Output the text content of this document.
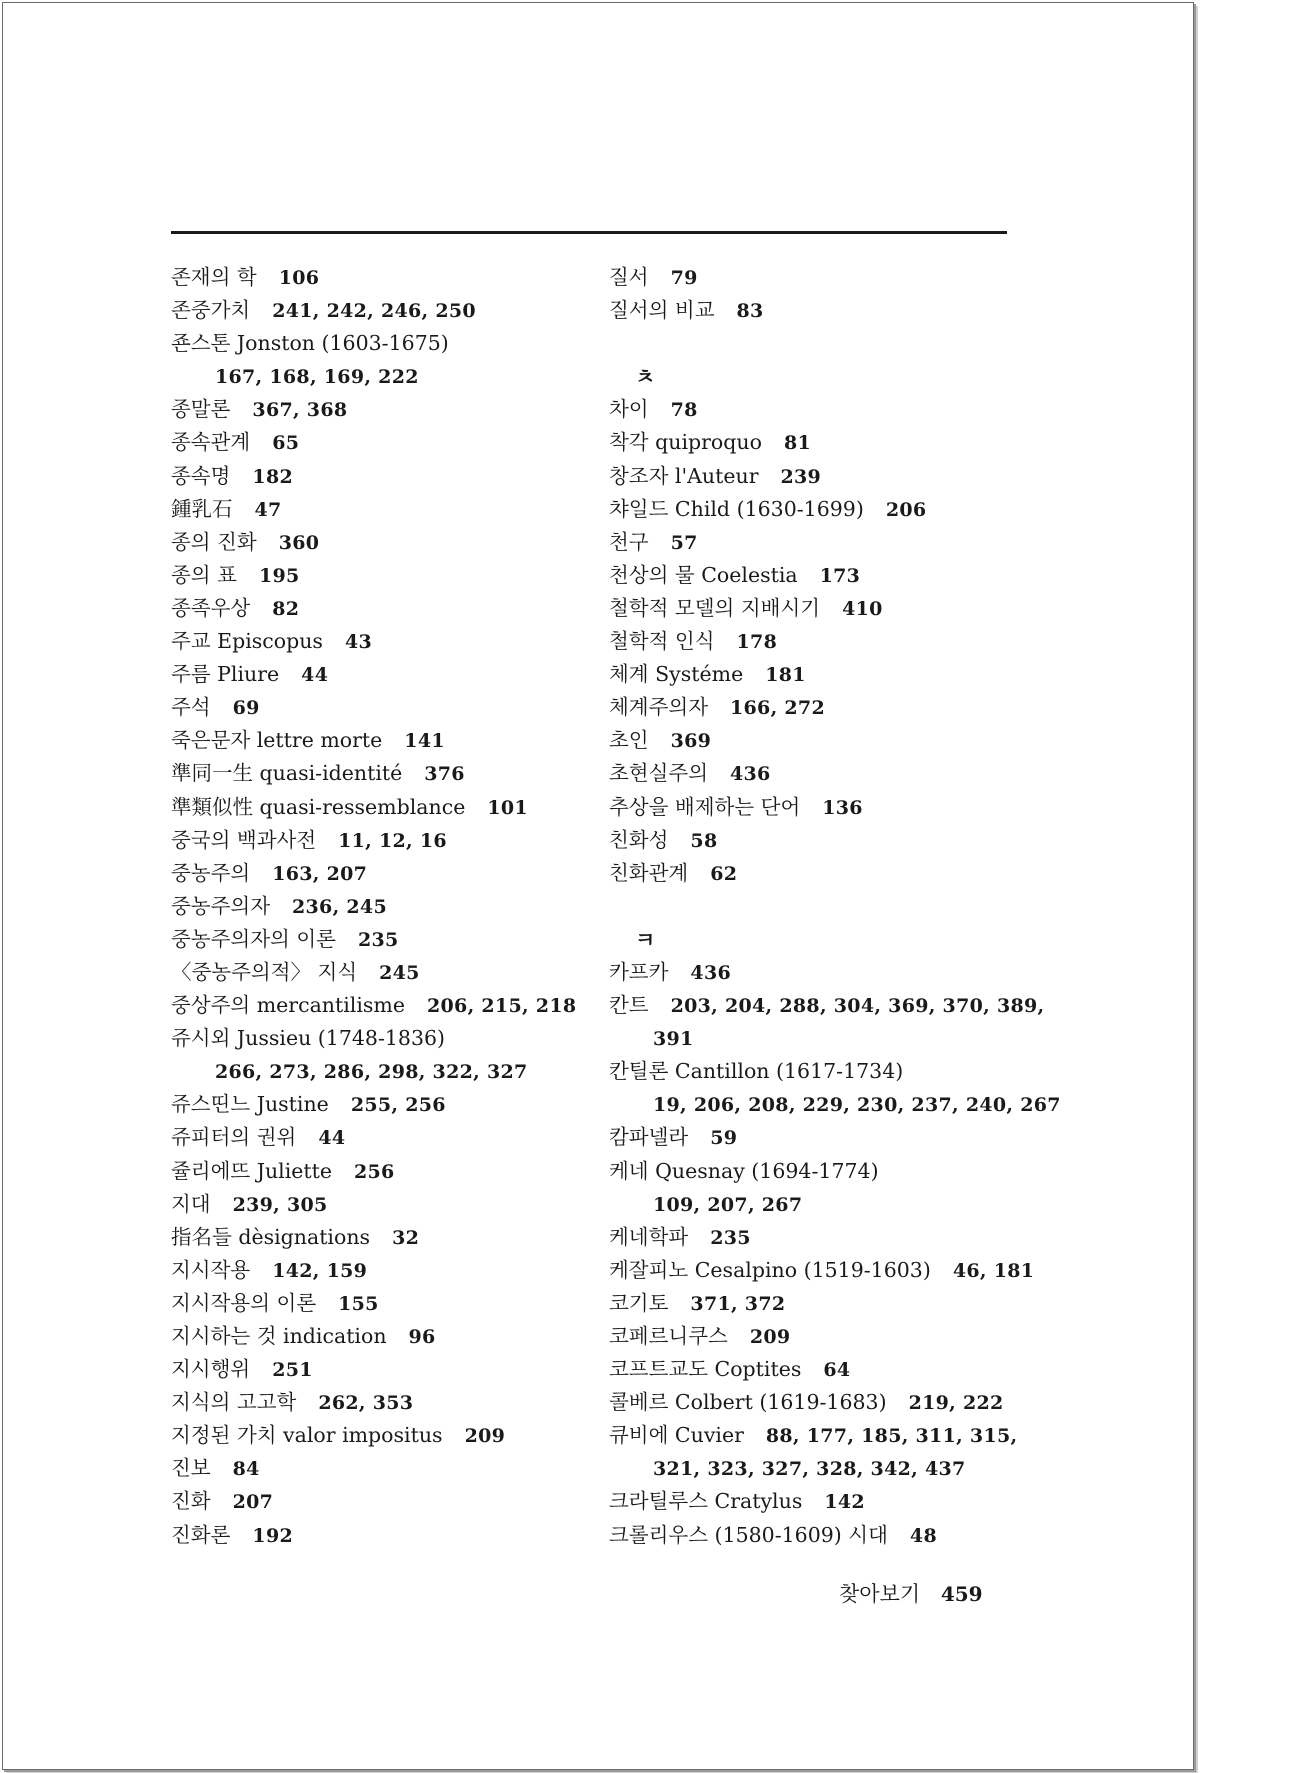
존재의 학 106
존중가치 241, 242, 246, 250
죤스톤 Jonston (1603-1675)
167, 168, 169, 222
종말론 367, 368
종속관계 65
종속명 182
鍾乳石 47
종의 진화 360
종의 표 195
종족우상 82
주교 Episcopus 43
주름 Pliure 44
주석 69
죽은문자 lettre morte 141
準同一生 quasi-identité 376
準類似性 quasi-ressemblance 101
중국의 백과사전 11, 12, 16
중농주의 163, 207
중농주의자 236, 245
중농주의자의 이론 235
〈중농주의적〉 지식 245
중상주의 mercantilisme 206, 215, 218
쥬시외 Jussieu (1748-1836)
266, 273, 286, 298, 322, 327
쥬스띤느 Justine 255, 256
쥬피터의 권위 44
쥴리에뜨 Juliette 256
지대 239, 305
指名들 dèsignations 32
지시작용 142, 159
지시작용의 이론 155
지시하는 것 indication 96
지시행위 251
지식의 고고학 262, 353
지정된 가치 valor impositus 209
진보 84
진화 207
진화론 192
질서 79
질서의 비교 83
ㅊ
차이 78
착각 quiproquo 81
창조자 l'Auteur 239
챠일드 Child (1630-1699) 206
천구 57
천상의 물 Coelestia 173
철학적 모델의 지배시기 410
철학적 인식 178
체계 Systéme 181
체계주의자 166, 272
초인 369
초현실주의 436
추상을 배제하는 단어 136
친화성 58
친화관계 62
ㅋ
카프카 436
칸트 203, 204, 288, 304, 369, 370, 389,
391
칸틸론 Cantillon (1617-1734)
19, 206, 208, 229, 230, 237, 240, 267
캄파넬라 59
케네 Quesnay (1694-1774)
109, 207, 267
케네학파 235
케잘피노 Cesalpino (1519-1603) 46, 181
코기토 371, 372
코페르니쿠스 209
코프트교도 Coptites 64
콜베르 Colbert (1619-1683) 219, 222
큐비에 Cuvier 88, 177, 185, 311, 315,
321, 323, 327, 328, 342, 437
크라틸루스 Cratylus 142
크롤리우스 (1580-1609) 시대 48
찾아보기 459
